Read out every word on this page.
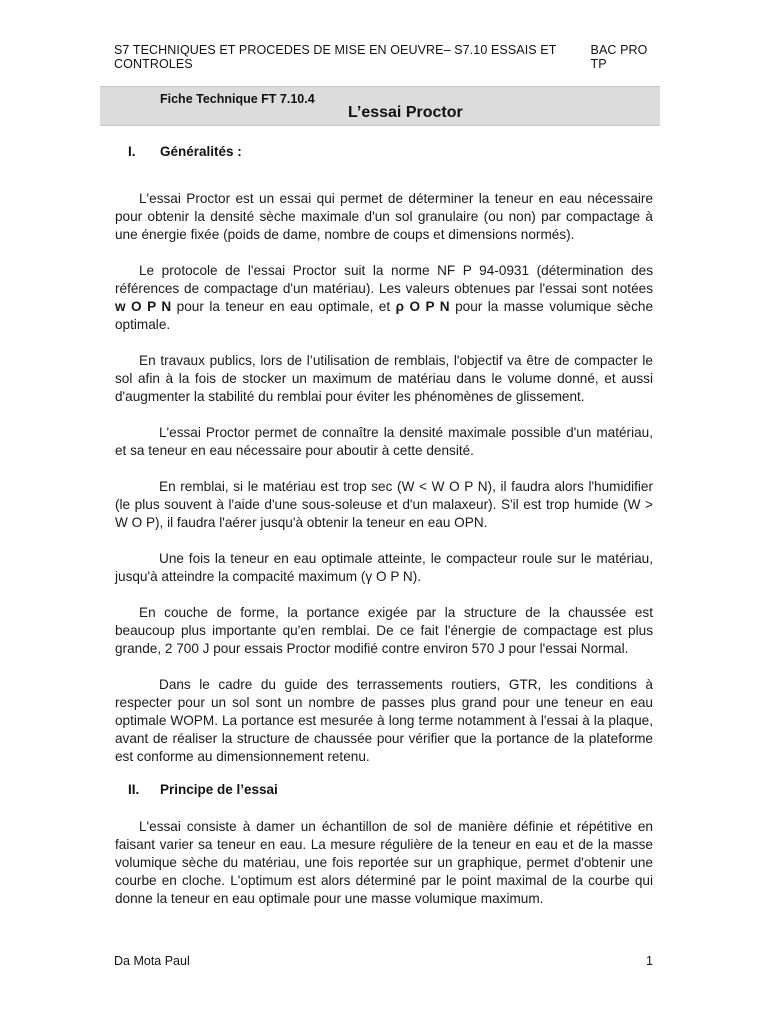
S7 TECHNIQUES ET PROCEDES DE MISE EN OEUVRE– S7.10 ESSAIS ET CONTROLES
BAC PRO TP
Fiche Technique FT 7.10.4
L’essai Proctor
I.	Généralités :

L'essai Proctor est un essai qui permet de déterminer la teneur en eau nécessaire pour obtenir la densité sèche maximale d'un sol granulaire (ou non) par compactage à une énergie fixée (poids de dame, nombre de coups et dimensions normés).

Le protocole de l'essai Proctor suit la norme NF P 94-0931 (détermination des références de compactage d'un matériau). Les valeurs obtenues par l'essai sont notées w O P N pour la teneur en eau optimale, et ρ O P N pour la masse volumique sèche optimale.

En travaux publics, lors de l’utilisation de remblais, l'objectif va être de compacter le sol afin à la fois de stocker un maximum de matériau dans le volume donné, et aussi d'augmenter la stabilité du remblai pour éviter les phénomènes de glissement.

L'essai Proctor permet de connaître la densité maximale possible d'un matériau, et sa teneur en eau nécessaire pour aboutir à cette densité.

En remblai, si le matériau est trop sec (W < W O P N), il faudra alors l'humidifier (le plus souvent à l'aide d'une sous-soleuse et d'un malaxeur). S'il est trop humide (W > W O P), il faudra l'aérer jusqu'à obtenir la teneur en eau OPN.

Une fois la teneur en eau optimale atteinte, le compacteur roule sur le matériau, jusqu'à atteindre la compacité maximum (γ O P N).

En couche de forme, la portance exigée par la structure de la chaussée est beaucoup plus importante qu'en remblai. De ce fait l'énergie de compactage est plus grande, 2 700 J pour essais Proctor modifié contre environ 570 J pour l'essai Normal.

Dans le cadre du guide des terrassements routiers, GTR, les conditions à respecter pour un sol sont un nombre de passes plus grand pour une teneur en eau optimale WOPM. La portance est mesurée à long terme notamment à l'essai à la plaque, avant de réaliser la structure de chaussée pour vérifier que la portance de la plateforme est conforme au dimensionnement retenu.

II.	Principe de l’essai

L'essai consiste à damer un échantillon de sol de manière définie et répétitive en faisant varier sa teneur en eau. La mesure régulière de la teneur en eau et de la masse volumique sèche du matériau, une fois reportée sur un graphique, permet d'obtenir une courbe en cloche. L'optimum est alors déterminé par le point maximal de la courbe qui donne la teneur en eau optimale pour une masse volumique maximum.

Da Mota Paul	1
